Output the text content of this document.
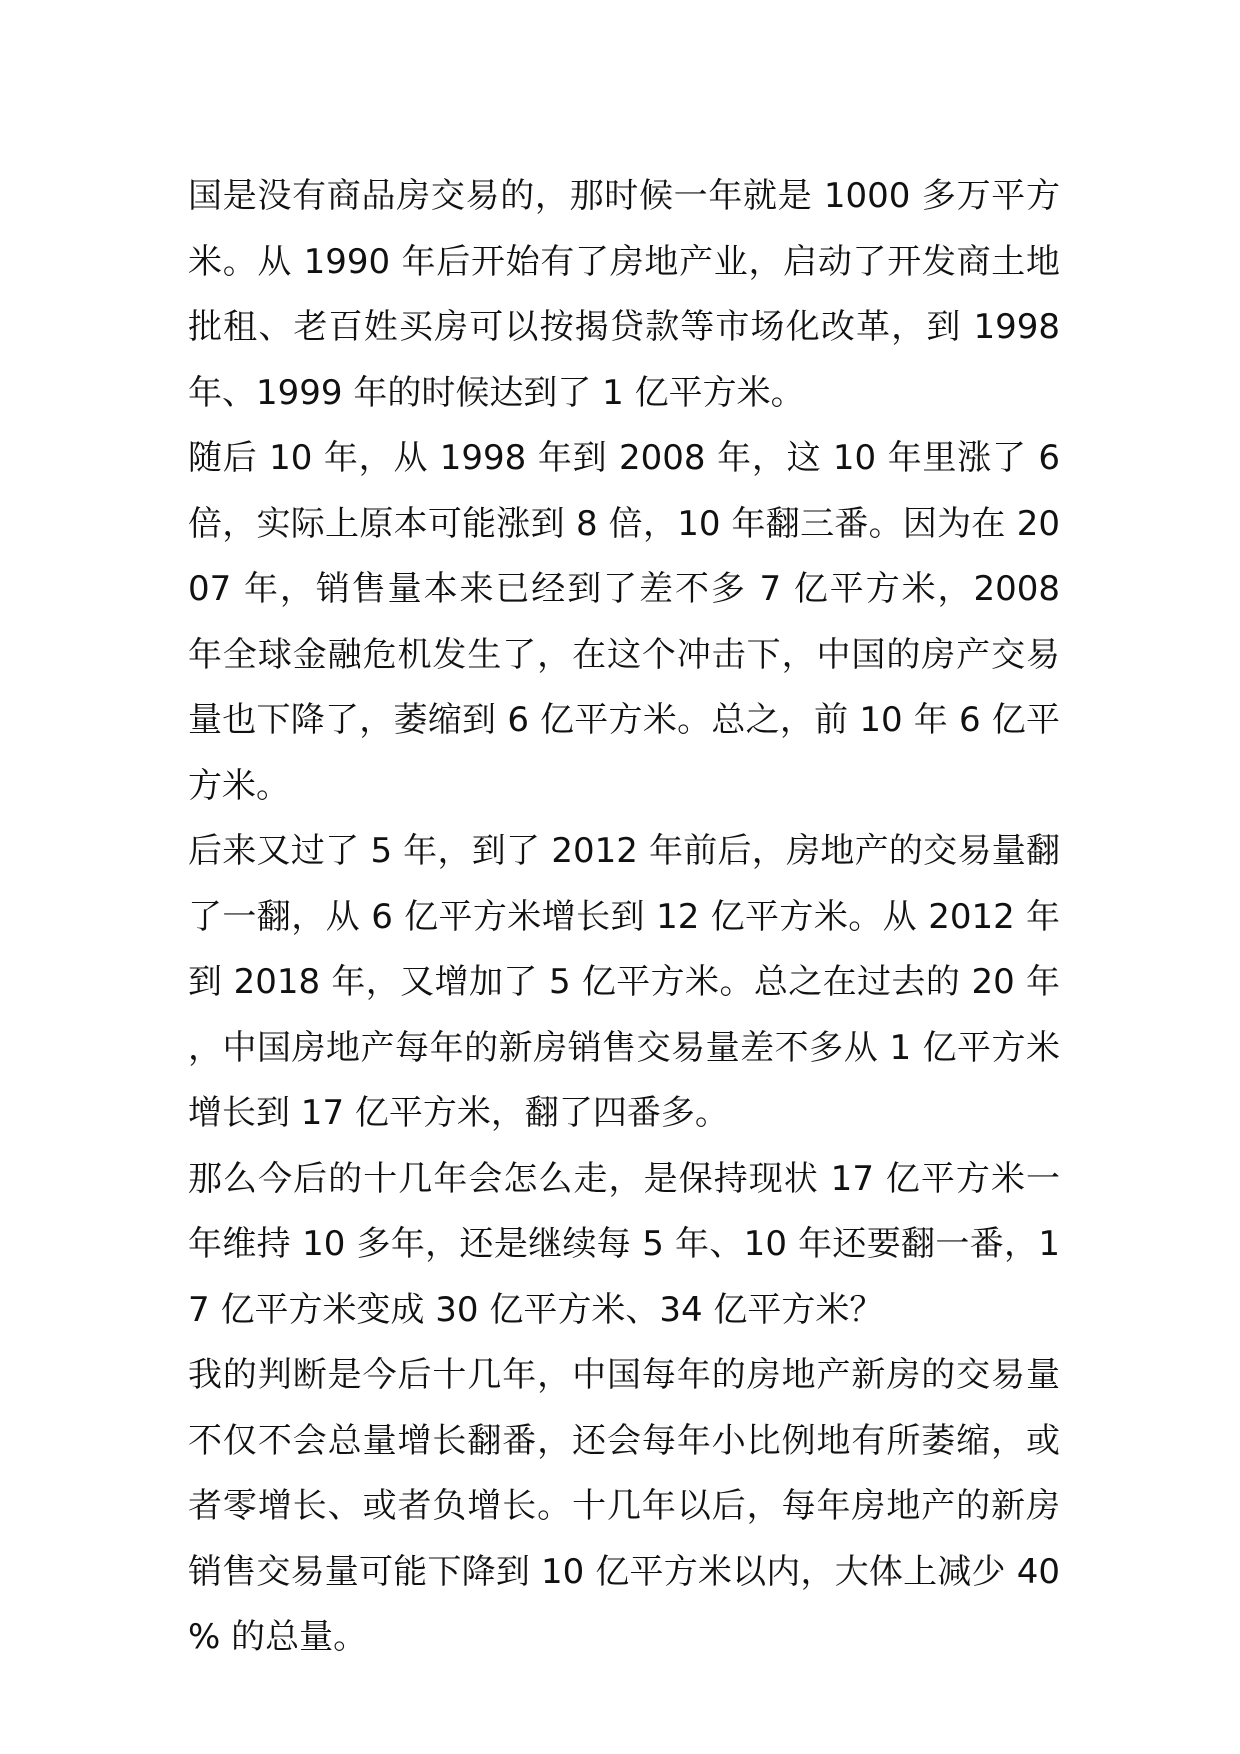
国是没有商品房交易的，那时候一年就是 1000 多万平方米。从 1990 年后开始有了房地产业，启动了开发商土地批租、老百姓买房可以按揭贷款等市场化改革，到 1998 年、1999 年的时候达到了 1 亿平方米。

随后 10 年，从 1998 年到 2008 年，这 10 年里涨了 6 倍，实际上原本可能涨到 8 倍，10 年翻三番。因为在 2007 年，销售量本来已经到了差不多 7 亿平方米，2008 年全球金融危机发生了，在这个冲击下，中国的房产交易量也下降了，萎缩到 6 亿平方米。总之，前 10 年 6 亿平方米。

后来又过了 5 年，到了 2012 年前后，房地产的交易量翻了一翻，从 6 亿平方米增长到 12 亿平方米。从 2012 年到 2018 年，又增加了 5 亿平方米。总之在过去的 20 年，中国房地产每年的新房销售交易量差不多从 1 亿平方米增长到 17 亿平方米，翻了四番多。

那么今后的十几年会怎么走，是保持现状 17 亿平方米一年维持 10 多年，还是继续每 5 年、10 年还要翻一番，17 亿平方米变成 30 亿平方米、34 亿平方米？

我的判断是今后十几年，中国每年的房地产新房的交易量不仅不会总量增长翻番，还会每年小比例地有所萎缩，或者零增长、或者负增长。十几年以后，每年房地产的新房销售交易量可能下降到 10 亿平方米以内，大体上减少 40% 的总量。
